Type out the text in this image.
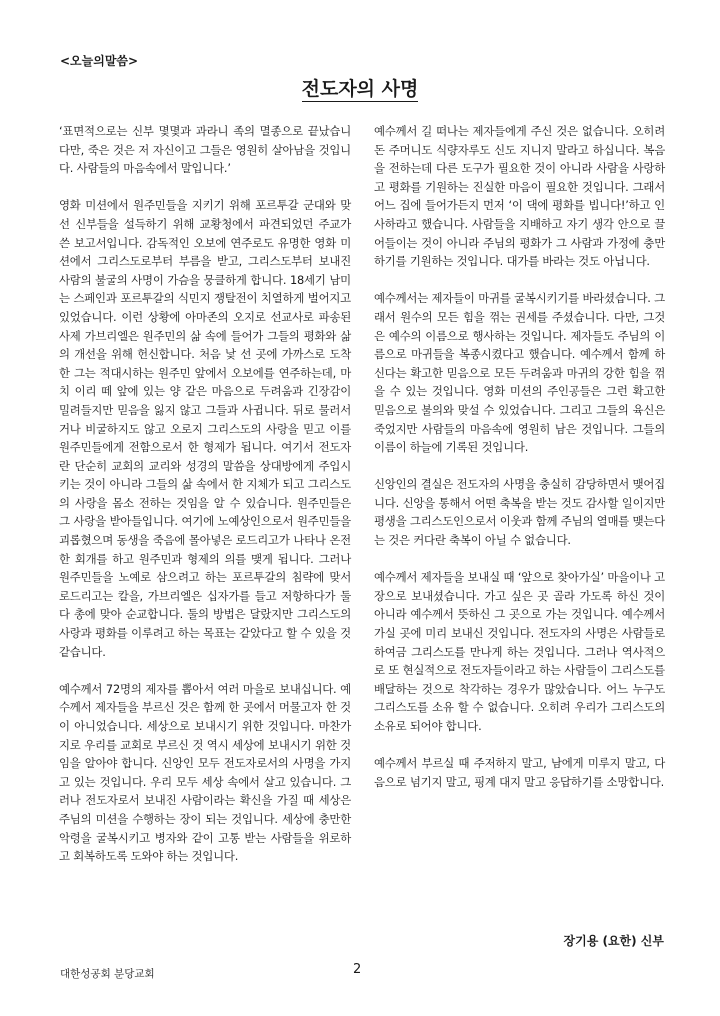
<오늘의말씀>
전도자의 사명

‘표면적으로는 신부 몇몇과 과라니 족의 멸종으로 끝났습니다만, 죽은 것은 저 자신이고 그들은 영원히 살아남을 것입니다. 사람들의 마음속에서 말입니다.’

영화 미션에서 원주민들을 지키기 위해 포르투갈 군대와 맞선 신부들을 설득하기 위해 교황청에서 파견되었던 주교가 쓴 보고서입니다. 감독적인 오보에 연주로도 유명한 영화 미션에서 그리스도로부터 부름을 받고, 그리스도부터 보내진 사람의 불굴의 사명이 가슴을 뭉클하게 합니다. 18세기 남미는 스페인과 포르투갈의 식민지 쟁탈전이 치열하게 벌어지고 있었습니다. 이런 상황에 아마존의 오지로 선교사로 파송된 사제 가브리엘은 원주민의 삶 속에 들어가 그들의 평화와 삶의 개선을 위해 헌신합니다. 처음 낯 선 곳에 가까스로 도착한 그는 적대시하는 원주민 앞에서 오보에를 연주하는데, 마치 이리 떼 앞에 있는 양 같은 마음으로 두려움과 긴장감이 밀려들지만 믿음을 잃지 않고 그들과 사귑니다. 뒤로 물러서거나 비굴하지도 않고 오로지 그리스도의 사랑을 믿고 이를 원주민들에게 전함으로서 한 형제가 됩니다. 여기서 전도자란 단순히 교회의 교리와 성경의 말씀을 상대방에게 주입시키는 것이 아니라 그들의 삶 속에서 한 지체가 되고 그리스도의 사랑을 몸소 전하는 것임을 알 수 있습니다. 원주민들은 그 사랑을 받아들입니다. 여기에 노예상인으로서 원주민들을 괴롭혔으며 동생을 죽음에 몰아넣은 로드리고가 나타나 온전한 회개를 하고 원주민과 형제의 의를 맺게 됩니다. 그러나 원주민들을 노예로 삼으려고 하는 포르투갈의 침략에 맞서 로드리고는 칼을, 가브리엘은 십자가를 들고 저항하다가 둘 다 총에 맞아 순교합니다. 둘의 방법은 달랐지만 그리스도의 사랑과 평화를 이루려고 하는 목표는 같았다고 할 수 있을 것 같습니다.

예수께서 72명의 제자를 뽑아서 여러 마을로 보내십니다. 예수께서 제자들을 부르신 것은 함께 한 곳에서 머물고자 한 것이 아니었습니다. 세상으로 보내시기 위한 것입니다. 마찬가지로 우리를 교회로 부르신 것 역시 세상에 보내시기 위한 것임을 알아야 합니다. 신앙인 모두 전도자로서의 사명을 가지고 있는 것입니다. 우리 모두 세상 속에서 살고 있습니다. 그러나 전도자로서 보내진 사람이라는 확신을 가질 때 세상은 주님의 미션을 수행하는 장이 되는 것입니다. 세상에 충만한 악령을 굴복시키고 병자와 같이 고통 받는 사람들을 위로하고 회복하도록 도와야 하는 것입니다.

예수께서 길 떠나는 제자들에게 주신 것은 없습니다. 오히려 돈 주머니도 식량자루도 신도 지니지 말라고 하십니다. 복음을 전하는데 다른 도구가 필요한 것이 아니라 사람을 사랑하고 평화를 기원하는 진실한 마음이 필요한 것입니다. 그래서 어느 집에 들어가든지 먼저 ‘이 댁에 평화를 빕니다!’하고 인사하라고 했습니다. 사람들을 지배하고 자기 생각 안으로 끌어들이는 것이 아니라 주님의 평화가 그 사람과 가정에 충만하기를 기원하는 것입니다. 대가를 바라는 것도 아닙니다.

예수께서는 제자들이 마귀를 굴복시키기를 바라셨습니다. 그래서 원수의 모든 힘을 꺾는 권세를 주셨습니다. 다만, 그것은 예수의 이름으로 행사하는 것입니다. 제자들도 주님의 이름으로 마귀들을 복종시켰다고 했습니다. 예수께서 함께 하신다는 확고한 믿음으로 모든 두려움과 마귀의 강한 힘을 꺾을 수 있는 것입니다. 영화 미션의 주인공들은 그런 확고한 믿음으로 불의와 맞설 수 있었습니다. 그리고 그들의 육신은 죽었지만 사람들의 마음속에 영원히 남은 것입니다. 그들의 이름이 하늘에 기록된 것입니다.

신앙인의 결실은 전도자의 사명을 충실히 감당하면서 맺어집니다. 신앙을 통해서 어떤 축복을 받는 것도 감사할 일이지만 평생을 그리스도인으로서 이웃과 함께 주님의 열매를 맺는다는 것은 커다란 축복이 아닐 수 없습니다.

예수께서 제자들을 보내실 때 ‘앞으로 찾아가실’ 마을이나 고장으로 보내셨습니다. 가고 싶은 곳 골라 가도록 하신 것이 아니라 예수께서 뜻하신 그 곳으로 가는 것입니다. 예수께서 가실 곳에 미리 보내신 것입니다. 전도자의 사명은 사람들로 하여금 그리스도를 만나게 하는 것입니다. 그러나 역사적으로 또 현실적으로 전도자들이라고 하는 사람들이 그리스도를 배달하는 것으로 착각하는 경우가 많았습니다. 어느 누구도 그리스도를 소유 할 수 없습니다. 오히려 우리가 그리스도의 소유로 되어야 합니다.

예수께서 부르실 때 주저하지 말고, 남에게 미루지 말고, 다음으로 넘기지 말고, 핑계 대지 말고 응답하기를 소망합니다.

장기용 (요한) 신부
대한성공회 분당교회	2
